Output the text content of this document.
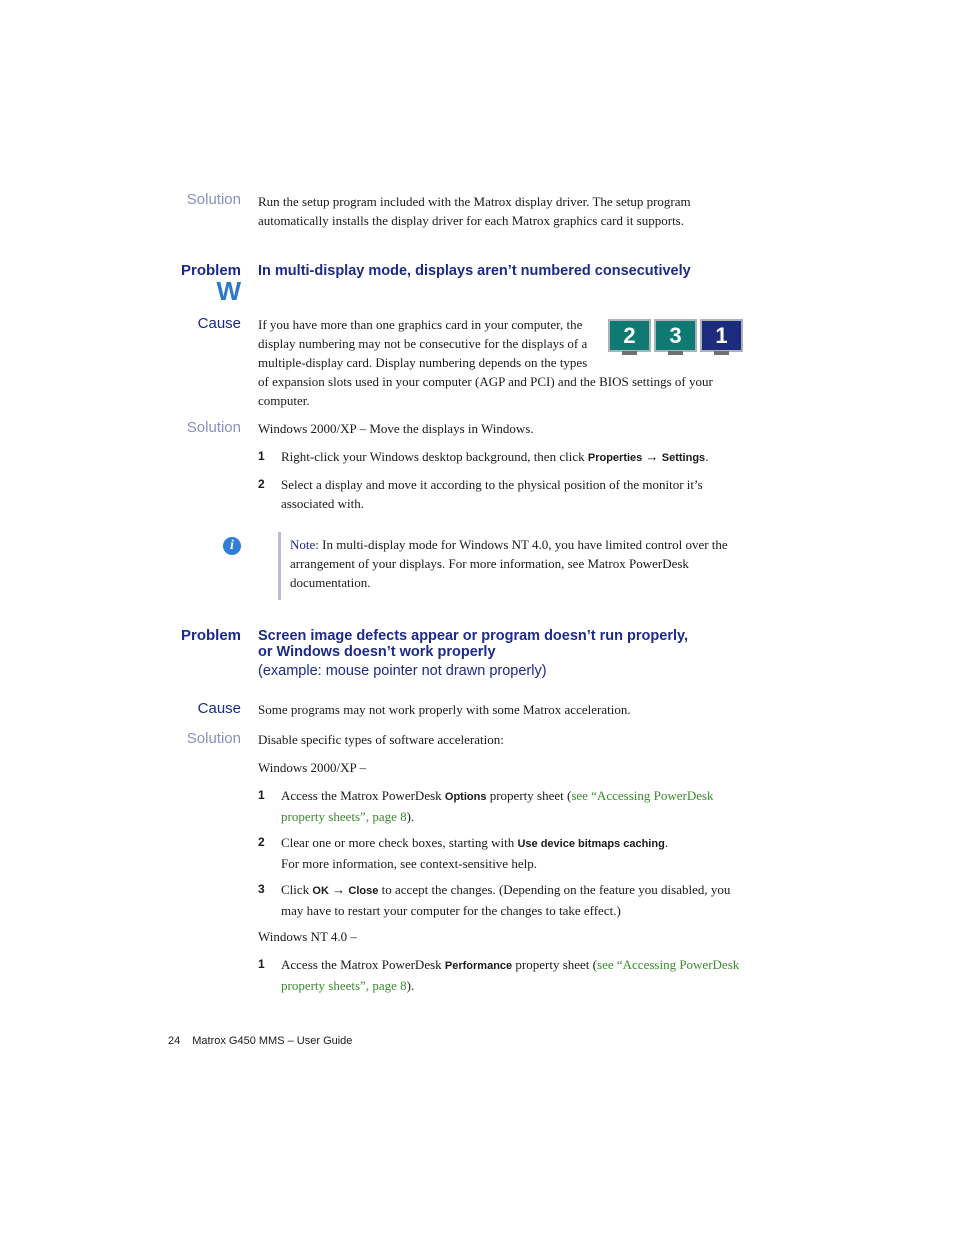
Solution Run the setup program included with the Matrox display driver. The setup program automatically installs the display driver for each Matrox graphics card it supports.
Problem In multi-display mode, displays aren’t numbered consecutively
W
Cause If you have more than one graphics card in your computer, the display numbering may not be consecutive for the displays of a multiple-display card. Display numbering depends on the types of expansion slots used in your computer (AGP and PCI) and the BIOS settings of your computer.
2	3	1
Solution Windows 2000/XP – Move the displays in Windows.
1 Right-click your Windows desktop background, then click Properties → Settings.
2 Select a display and move it according to the physical position of the monitor it’s associated with.
i	Note: In multi-display mode for Windows NT 4.0, you have limited control over the arrangement of your displays. For more information, see Matrox PowerDesk documentation.
Problem Screen image defects appear or program doesn’t run properly,
or Windows doesn’t work properly
(example: mouse pointer not drawn properly)
Cause Some programs may not work properly with some Matrox acceleration.
Solution Disable specific types of software acceleration:
Windows 2000/XP –
1 Access the Matrox PowerDesk Options property sheet (see “Accessing PowerDesk property sheets”, page 8).
2 Clear one or more check boxes, starting with Use device bitmaps caching.
For more information, see context-sensitive help.
3 Click OK → Close to accept the changes. (Depending on the feature you disabled, you may have to restart your computer for the changes to take effect.)
Windows NT 4.0 –
1 Access the Matrox PowerDesk Performance property sheet (see “Accessing PowerDesk property sheets”, page 8).
24 Matrox G450 MMS – User Guide
